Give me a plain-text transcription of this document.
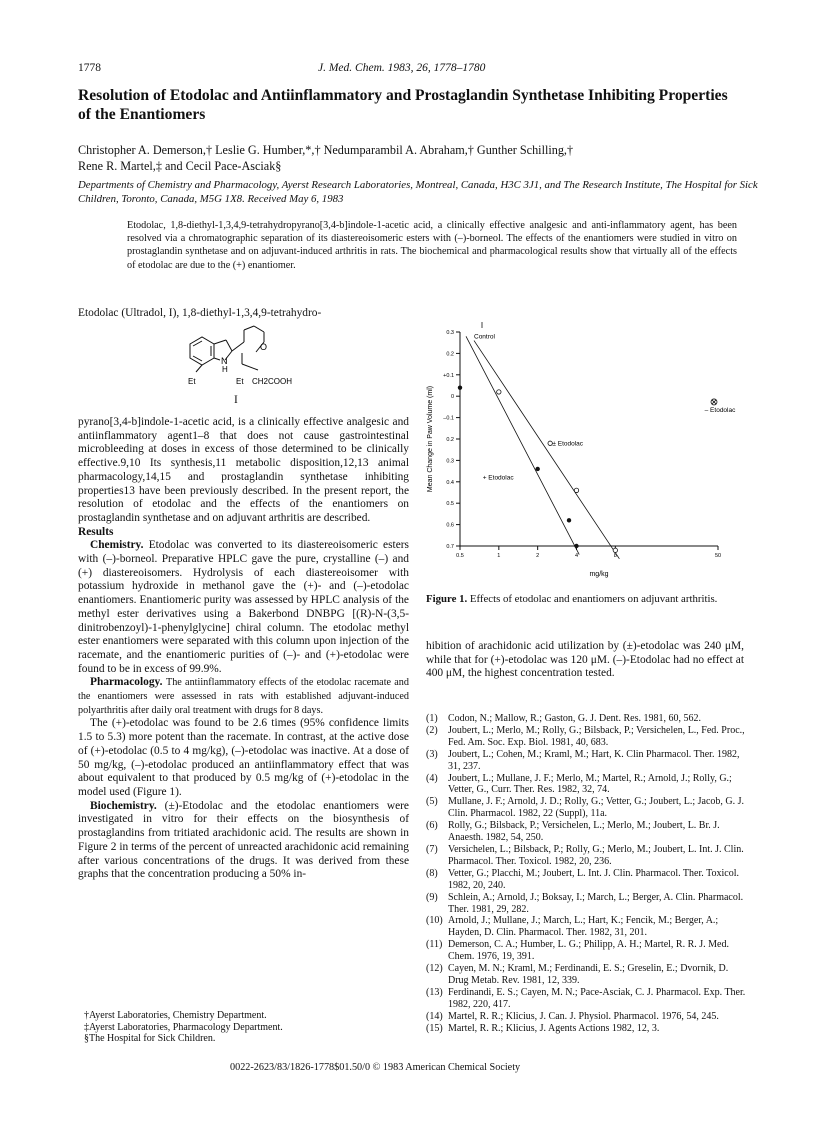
1778	J. Med. Chem. 1983, 26, 1778–1780
Resolution of Etodolac and Antiinflammatory and Prostaglandin Synthetase Inhibiting Properties of the Enantiomers
Christopher A. Demerson,† Leslie G. Humber,*,† Nedumparambil A. Abraham,† Gunther Schilling,†
Rene R. Martel,‡ and Cecil Pace-Asciak§
Departments of Chemistry and Pharmacology, Ayerst Research Laboratories, Montreal, Canada, H3C 3J1, and The Research Institute, The Hospital for Sick Children, Toronto, Canada, M5G 1X8. Received May 6, 1983
Etodolac, 1,8-diethyl-1,3,4,9-tetrahydropyrano[3,4-b]indole-1-acetic acid, a clinically effective analgesic and anti-inflammatory agent, has been resolved via a chromatographic separation of its diastereoisomeric esters with (–)-borneol. The effects of the enantiomers were studied in vitro on prostaglandin synthetase and on adjuvant-induced arthritis in rats. The biochemical and pharmacological results show that virtually all of the effects of etodolac are due to the (+) enantiomer.
Etodolac (Ultradol, I), 1,8-diethyl-1,3,4,9-tetrahydro-
N
H
O
Et	Et CH2COOH
I

pyrano[3,4-b]indole-1-acetic acid, is a clinically effective analgesic and antiinflammatory agent1–8 that does not cause gastrointestinal microbleeding at doses in excess of those determined to be clinically effective.9,10 Its synthesis,11 metabolic disposition,12,13 animal pharmacology,14,15 and prostaglandin synthetase inhibiting properties13 have been previously described. In the present report, the resolution of etodolac and the effects of the enantiomers on prostaglandin synthetase and on adjuvant arthritis are described.

Results

Chemistry. Etodolac was converted to its diastereoisomeric esters with (–)-borneol. Preparative HPLC gave the pure, crystalline (–) and (+) diastereoisomers. Hydrolysis of each diastereoisomer with potassium hydroxide in methanol gave the (+)- and (–)-etodolac enantiomers. Enantiomeric purity was assessed by HPLC analysis of the methyl ester derivatives using a Bakerbond DNBPG [(R)-N-(3,5-dinitrobenzoyl)-1-phenylglycine] chiral column. The etodolac methyl ester enantiomers were separated with this column upon injection of the racemate, and the enantiomeric purities of (–)- and (+)-etodolac were found to be in excess of 99.9%.

Pharmacology. The antiinflammatory effects of the etodolac racemate and the enantiomers were assessed in rats with established adjuvant-induced polyarthritis after daily oral treatment with drugs for 8 days.

The (+)-etodolac was found to be 2.6 times (95% confidence limits 1.5 to 5.3) more potent than the racemate. In contrast, at the active dose of (+)-etodolac (0.5 to 4 mg/kg), (–)-etodolac was inactive. At a dose of 50 mg/kg, (–)-etodolac produced an antiinflammatory effect that was about equivalent to that produced by 0.5 mg/kg of (+)-etodolac in the model used (Figure 1).

Biochemistry. (±)-Etodolac and the etodolac enantiomers were investigated in vitro for their effects on the biosynthesis of prostaglandins from tritiated arachidonic acid. The results are shown in Figure 2 in terms of the percent of unreacted arachidonic acid remaining after various concentrations of the drugs. It was derived from these graphs that the concentration producing a 50% in-

0.3
0.2
+0.1
0
–0.1
0.2
0.3
0.4
0.5
0.6
0.7
0.5	1	2	4	8	50
mg/kg
Mean Change in Paw Volume (ml)
Control
± Etodolac
+ Etodolac
– Etodolac
Figure 1. Effects of etodolac and enantiomers on adjuvant arthritis.
hibition of arachidonic acid utilization by (±)-etodolac was 240 μM, while that for (+)-etodolac was 120 μM. (–)-Etodolac had no effect at 400 μM, the highest concentration tested.
(1)	Codon, N.; Mallow, R.; Gaston, G. J. Dent. Res. 1981, 60, 562.
(2)	Joubert, L.; Merlo, M.; Rolly, G.; Bilsback, P.; Versichelen, L., Fed. Proc., Fed. Am. Soc. Exp. Biol. 1981, 40, 683.
(3)	Joubert, L.; Cohen, M.; Kraml, M.; Hart, K. Clin Pharmacol. Ther. 1982, 31, 237.
(4)	Joubert, L.; Mullane, J. F.; Merlo, M.; Martel, R.; Arnold, J.; Rolly, G.; Vetter, G., Curr. Ther. Res. 1982, 32, 74.
(5)	Mullane, J. F.; Arnold, J. D.; Rolly, G.; Vetter, G.; Joubert, L.; Jacob, G. J. Clin. Pharmacol. 1982, 22 (Suppl), 11a.
(6)	Rolly, G.; Bilsback, P.; Versichelen, L.; Merlo, M.; Joubert, L. Br. J. Anaesth. 1982, 54, 250.
(7)	Versichelen, L.; Bilsback, P.; Rolly, G.; Merlo, M.; Joubert, L. Int. J. Clin. Pharmacol. Ther. Toxicol. 1982, 20, 236.
(8)	Vetter, G.; Placchi, M.; Joubert, L. Int. J. Clin. Pharmacol. Ther. Toxicol. 1982, 20, 240.
(9)	Schlein, A.; Arnold, J.; Boksay, I.; March, L.; Berger, A. Clin. Pharmacol. Ther. 1981, 29, 282.
(10) Arnold, J.; Mullane, J.; March, L.; Hart, K.; Fencik, M.; Berger, A.; Hayden, D. Clin. Pharmacol. Ther. 1982, 31, 201.
(11) Demerson, C. A.; Humber, L. G.; Philipp, A. H.; Martel, R. R. J. Med. Chem. 1976, 19, 391.
(12) Cayen, M. N.; Kraml, M.; Ferdinandi, E. S.; Greselin, E.; Dvornik, D. Drug Metab. Rev. 1981, 12, 339.
(13) Ferdinandi, E. S.; Cayen, M. N.; Pace-Asciak, C. J. Pharmacol. Exp. Ther. 1982, 220, 417.
(14) Martel, R. R.; Klicius, J. Can. J. Physiol. Pharmacol. 1976, 54, 245.
(15) Martel, R. R.; Klicius, J. Agents Actions 1982, 12, 3.
†Ayerst Laboratories, Chemistry Department.
‡Ayerst Laboratories, Pharmacology Department.
§The Hospital for Sick Children.
0022-2623/83/1826-1778$01.50/0 © 1983 American Chemical Society
